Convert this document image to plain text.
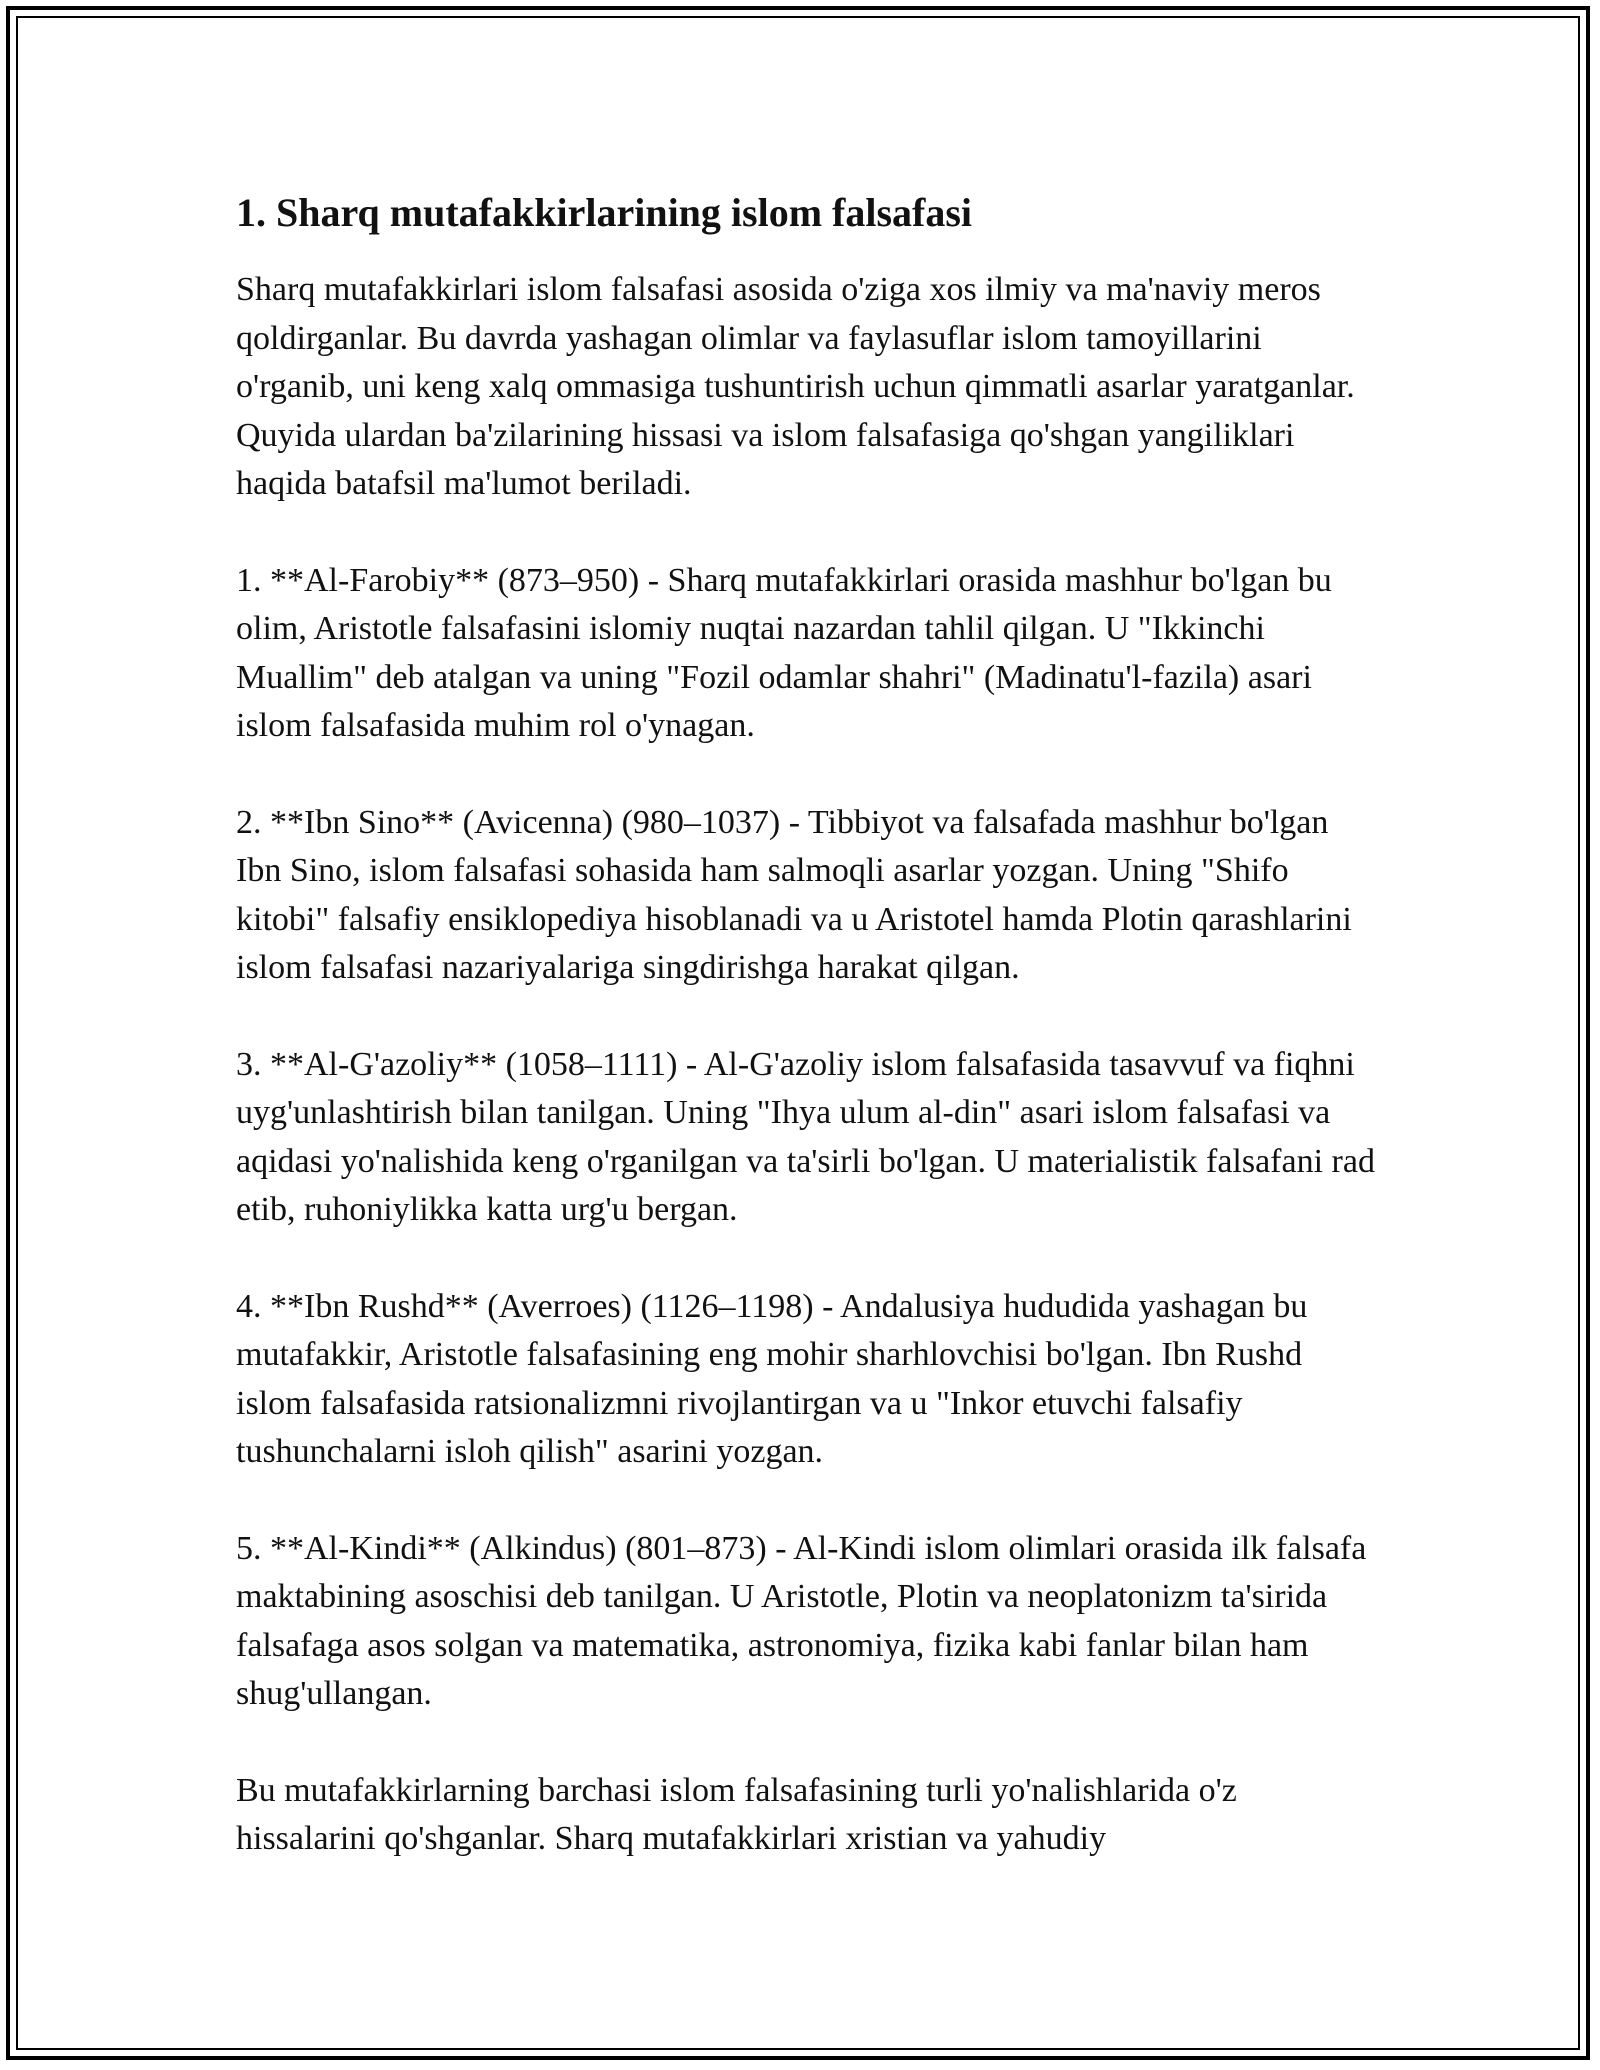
1. Sharq mutafakkirlarining islom falsafasi

Sharq mutafakkirlari islom falsafasi asosida o'ziga xos ilmiy va ma'naviy meros qoldirganlar. Bu davrda yashagan olimlar va faylasuflar islom tamoyillarini o'rganib, uni keng xalq ommasiga tushuntirish uchun qimmatli asarlar yaratganlar. Quyida ulardan ba'zilarining hissasi va islom falsafasiga qo'shgan yangiliklari haqida batafsil ma'lumot beriladi.

1. **Al-Farobiy** (873–950) - Sharq mutafakkirlari orasida mashhur bo'lgan bu olim, Aristotle falsafasini islomiy nuqtai nazardan tahlil qilgan. U "Ikkinchi Muallim" deb atalgan va uning "Fozil odamlar shahri" (Madinatu'l-fazila) asari islom falsafasida muhim rol o'ynagan.

2. **Ibn Sino** (Avicenna) (980–1037) - Tibbiyot va falsafada mashhur bo'lgan Ibn Sino, islom falsafasi sohasida ham salmoqli asarlar yozgan. Uning "Shifo kitobi" falsafiy ensiklopediya hisoblanadi va u Aristotel hamda Plotin qarashlarini islom falsafasi nazariyalariga singdirishga harakat qilgan.

3. **Al-G'azoliy** (1058–1111) - Al-G'azoliy islom falsafasida tasavvuf va fiqhni uyg'unlashtirish bilan tanilgan. Uning "Ihya ulum al-din" asari islom falsafasi va aqidasi yo'nalishida keng o'rganilgan va ta'sirli bo'lgan. U materialistik falsafani rad etib, ruhoniylikka katta urg'u bergan.

4. **Ibn Rushd** (Averroes) (1126–1198) - Andalusiya hududida yashagan bu mutafakkir, Aristotle falsafasining eng mohir sharhlovchisi bo'lgan. Ibn Rushd islom falsafasida ratsionalizmni rivojlantirgan va u "Inkor etuvchi falsafiy tushunchalarni isloh qilish" asarini yozgan.

5. **Al-Kindi** (Alkindus) (801–873) - Al-Kindi islom olimlari orasida ilk falsafa maktabining asoschisi deb tanilgan. U Aristotle, Plotin va neoplatonizm ta'sirida falsafaga asos solgan va matematika, astronomiya, fizika kabi fanlar bilan ham shug'ullangan.

Bu mutafakkirlarning barchasi islom falsafasining turli yo'nalishlarida o'z hissalarini qo'shganlar. Sharq mutafakkirlari xristian va yahudiy
